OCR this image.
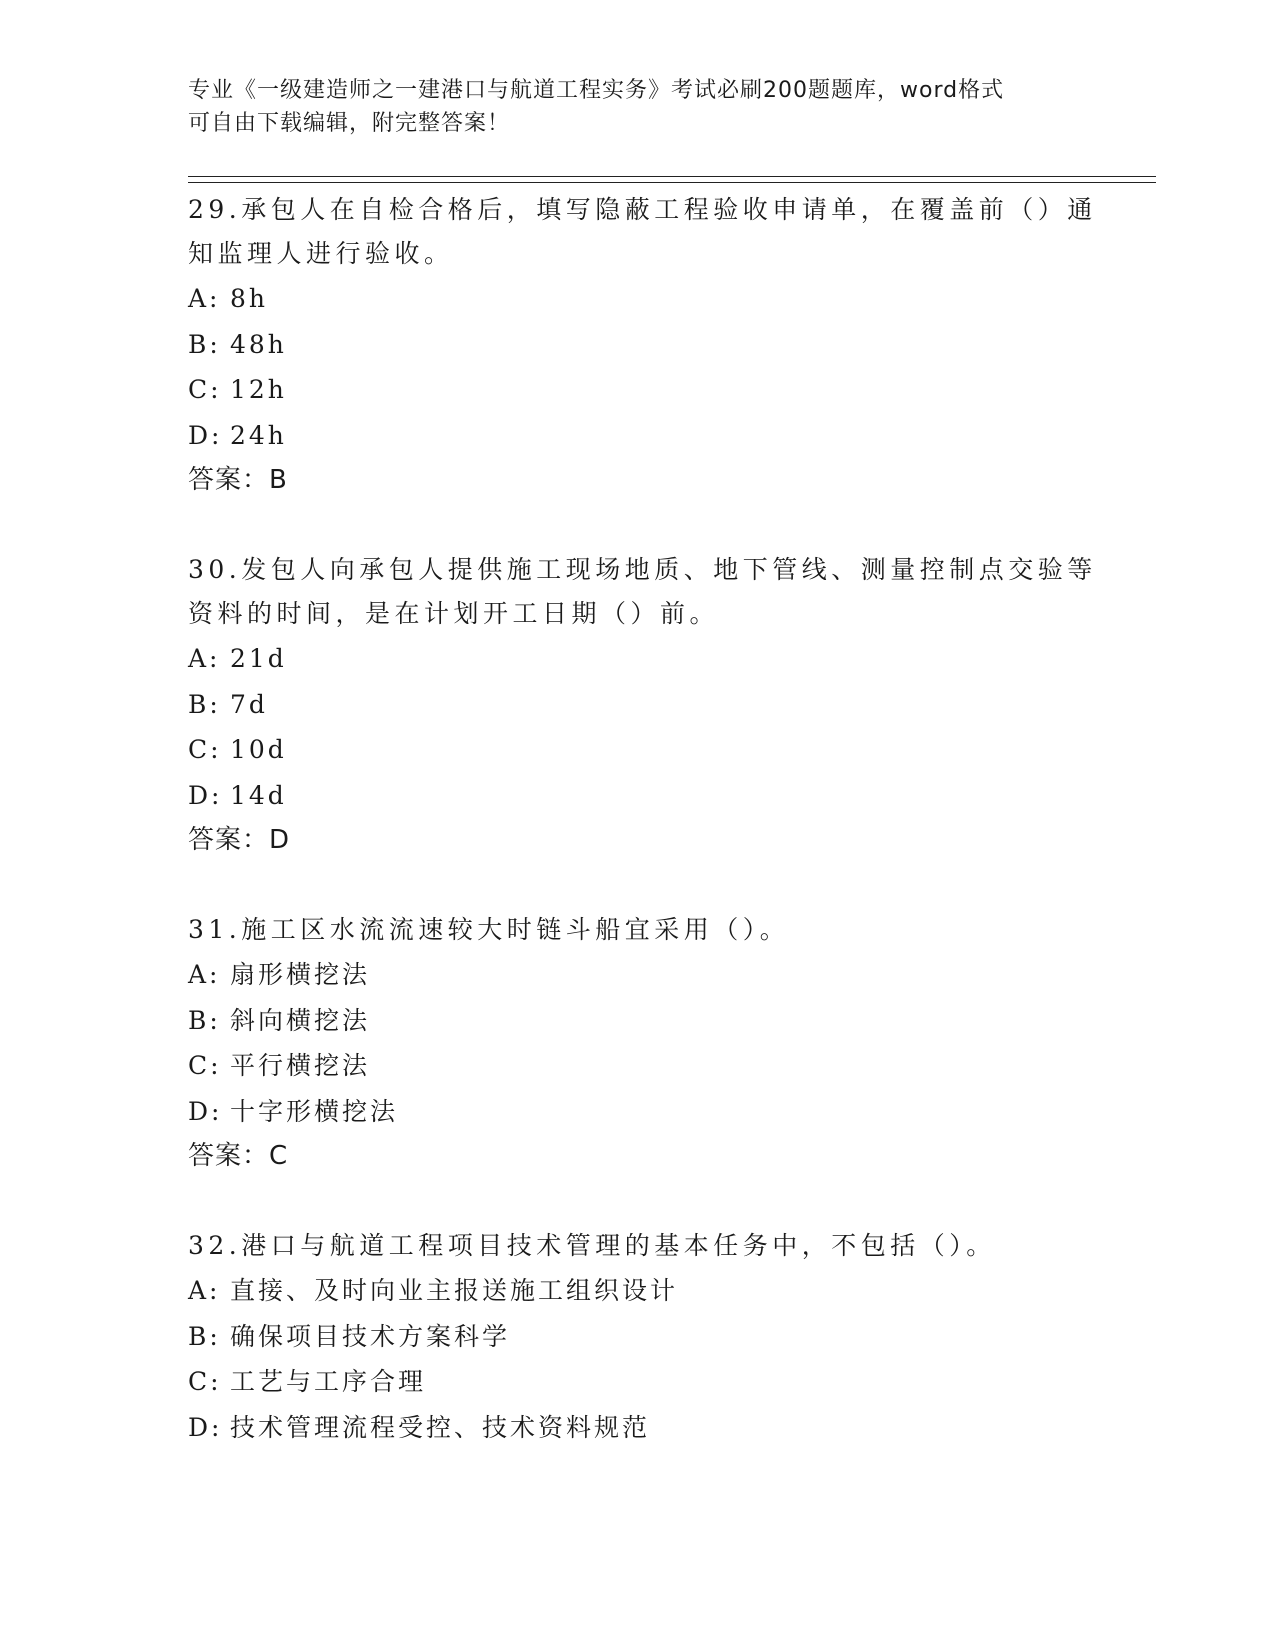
专业《一级建造师之一建港口与航道工程实务》考试必刷200题题库，word格式
可自由下载编辑，附完整答案！
29.承包人在自检合格后，填写隐蔽工程验收申请单，在覆盖前（）通
知监理人进行验收。
A: 8h
B: 48h
C: 12h
D: 24h
答案：B
30.发包人向承包人提供施工现场地质、地下管线、测量控制点交验等
资料的时间，是在计划开工日期（）前。
A: 21d
B: 7d
C: 10d
D: 14d
答案：D
31.施工区水流流速较大时链斗船宜采用（）。
A: 扇形横挖法
B: 斜向横挖法
C: 平行横挖法
D: 十字形横挖法
答案：C
32.港口与航道工程项目技术管理的基本任务中，不包括（）。
A: 直接、及时向业主报送施工组织设计
B: 确保项目技术方案科学
C: 工艺与工序合理
D: 技术管理流程受控、技术资料规范
